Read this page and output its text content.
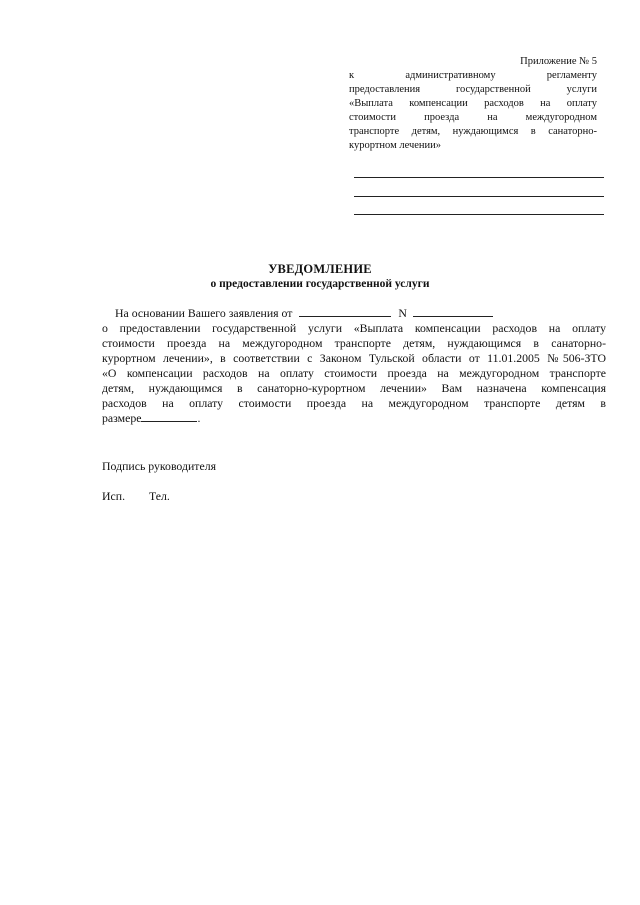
Приложение № 5
к административному регламенту
предоставления государственной услуги
«Выплата компенсации расходов на оплату
стоимости проезда на междугородном
транспорте детям, нуждающимся в санаторно-
курортном лечении»
УВЕДОМЛЕНИЕ
о предоставлении государственной услуги
На основании Вашего заявления от	N
о предоставлении государственной услуги «Выплата компенсации расходов на оплату
стоимости проезда на междугородном транспорте детям, нуждающимся в санаторно-
курортном лечении», в соответствии с Законом Тульской области от 11.01.2005 №506-ЗТО
«О компенсации расходов на оплату стоимости проезда на междугородном транспорте
детям, нуждающимся в санаторно-курортном лечении» Вам назначена компенсация
расходов на оплату стоимости проезда на междугородном транспорте детям в
размере	.
Подпись руководителя
Исп. Тел.
